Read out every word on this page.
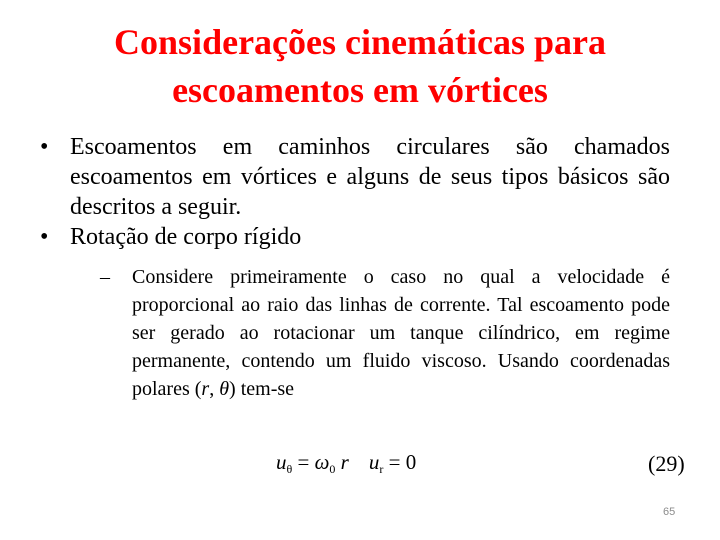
Considerações cinemáticas para
escoamentos em vórtices
• Escoamentos em caminhos circulares são chamados escoamentos em vórtices e alguns de seus tipos básicos são descritos a seguir.
• Rotação de corpo rígido
– Considere primeiramente o caso no qual a velocidade é proporcional ao raio das linhas de corrente. Tal escoamento pode ser gerado ao rotacionar um tanque cilíndrico, em regime permanente, contendo um fluido viscoso. Usando coordenadas polares (r, θ) tem-se
$u_\theta = \omega_0$ r $u_r = 0$	(29)
65
